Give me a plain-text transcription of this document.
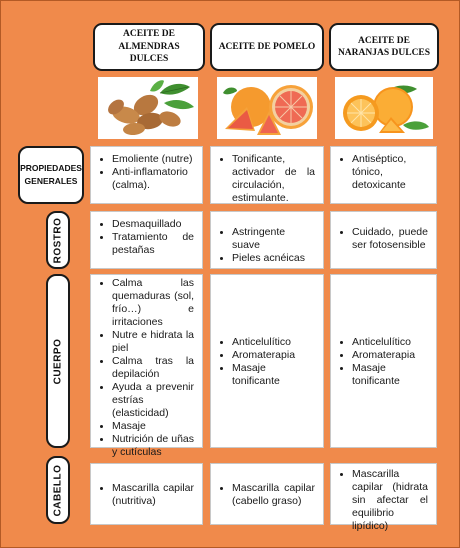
ACEITE DE ALMENDRAS DULCES
ACEITE DE POMELO
ACEITE DE NARANJAS DULCES
PROPIEDADES GENERALES
• Emoliente (nutre)
• Anti-inflamatorio (calma).
• Tonificante, activador de la circulación, estimulante.
• Antiséptico, tónico, detoxicante
ROSTRO	• Desmaquillado
• Tratamiento de pestañas
• Astringente suave
• Pieles acnéicas
• Cuidado, puede ser fotosensible
CUERPO
• Calma las quemaduras (sol, frío…) e irritaciones
• Nutre e hidrata la piel
• Calma tras la depilación
• Ayuda a prevenir estrías (elasticidad)
• Masaje
• Nutrición de uñas y cutículas
• Anticelulítico
• Aromaterapia
• Masaje tonificante
• Anticelulítico
• Aromaterapia
• Masaje tonificante
CABELLO	• Mascarilla capilar (nutritiva)
• Mascarilla capilar (cabello graso)
• Mascarilla capilar (hidrata sin afectar el equilibrio lipídico)
